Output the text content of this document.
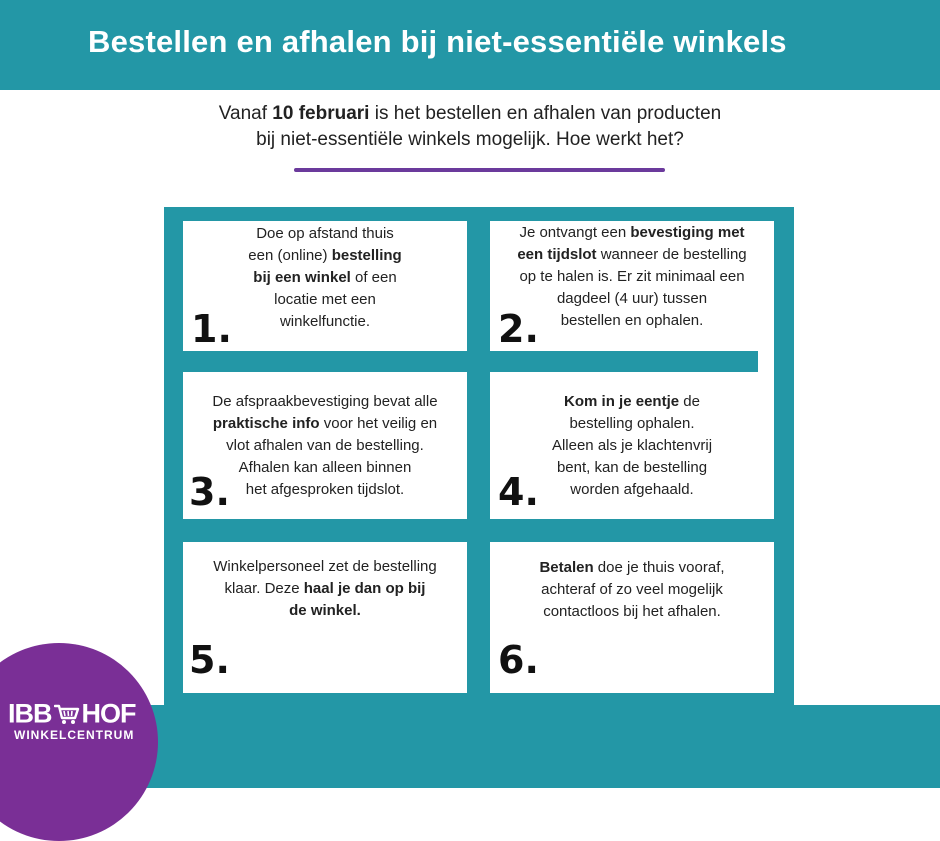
Bestellen en afhalen bij niet-essentiële winkels
Vanaf 10 februari is het bestellen en afhalen van producten
bij niet-essentiële winkels mogelijk. Hoe werkt het?
Doe op afstand thuis
een (online) bestelling
bij een winkel of een
locatie met een
winkelfunctie.
1.
Je ontvangt een bevestiging met
een tijdslot wanneer de bestelling
op te halen is. Er zit minimaal een
dagdeel (4 uur) tussen
bestellen en ophalen.
2.
De afspraakbevestiging bevat alle
praktische info voor het veilig en
vlot afhalen van de bestelling.
Afhalen kan alleen binnen
het afgesproken tijdslot.
3.
Kom in je eentje de
bestelling ophalen.
Alleen als je klachtenvrij
bent, kan de bestelling
worden afgehaald.
4.
Winkelpersoneel zet de bestelling
klaar. Deze haal je dan op bij
de winkel.
5.
Betalen doe je thuis vooraf,
achteraf of zo veel mogelijk
contactloos bij het afhalen.
6.
IBB HOF
WINKELCENTRUM
